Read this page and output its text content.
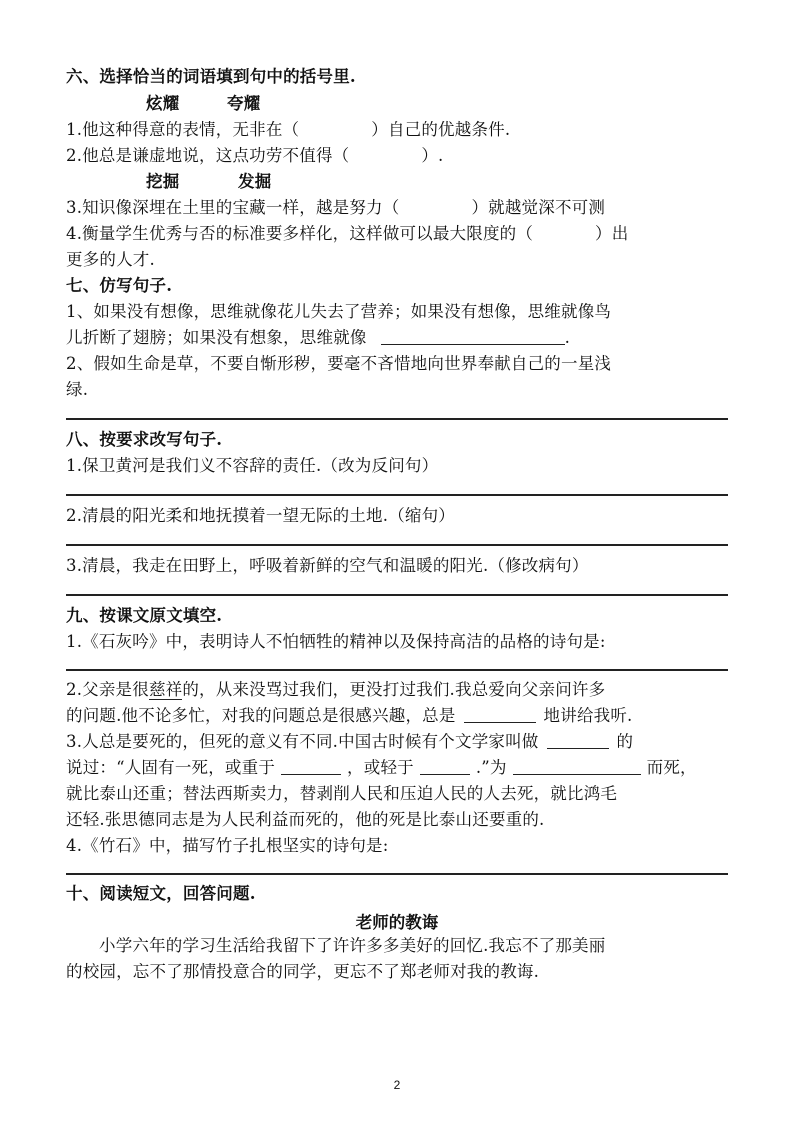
六、选择恰当的词语填到句中的括号里.
炫耀	夸耀
1.他这种得意的表情，无非在（	）自己的优越条件.
2.他总是谦虚地说，这点功劳不值得（	）.
挖掘	发掘
3.知识像深埋在土里的宝藏一样，越是努力（	）就越觉深不可测
4.衡量学生优秀与否的标准要多样化，这样做可以最大限度的（	）出
更多的人才.
七、仿写句子.
1、如果没有想像，思维就像花儿失去了营养；如果没有想像，思维就像鸟
儿折断了翅膀；如果没有想象，思维就像	.
2、假如生命是草，不要自惭形秽，要毫不吝惜地向世界奉献自己的一星浅
绿.
八、按要求改写句子.
1.保卫黄河是我们义不容辞的责任.（改为反问句）
2.清晨的阳光柔和地抚摸着一望无际的土地.（缩句）
3.清晨，我走在田野上，呼吸着新鲜的空气和温暖的阳光.（修改病句）
九、按课文原文填空.
1.《石灰吟》中，表明诗人不怕牺牲的精神以及保持高洁的品格的诗句是:
2.父亲是很慈祥的，从来没骂过我们，更没打过我们.我总爱向父亲问许多
的问题.他不论多忙，对我的问题总是很感兴趣，总是	地讲给我听.
3.人总是要死的，但死的意义有不同.中国古时候有个文学家叫做	的
说过：“人固有一死，或重于	，或轻于	.”为	而死，
就比泰山还重；替法西斯卖力，替剥削人民和压迫人民的人去死，就比鸿毛
还轻.张思德同志是为人民利益而死的，他的死是比泰山还要重的.
4.《竹石》中，描写竹子扎根坚实的诗句是:
十、阅读短文，回答问题.
老师的教诲
小学六年的学习生活给我留下了许许多多美好的回忆.我忘不了那美丽
的校园，忘不了那情投意合的同学，更忘不了郑老师对我的教诲.
2
